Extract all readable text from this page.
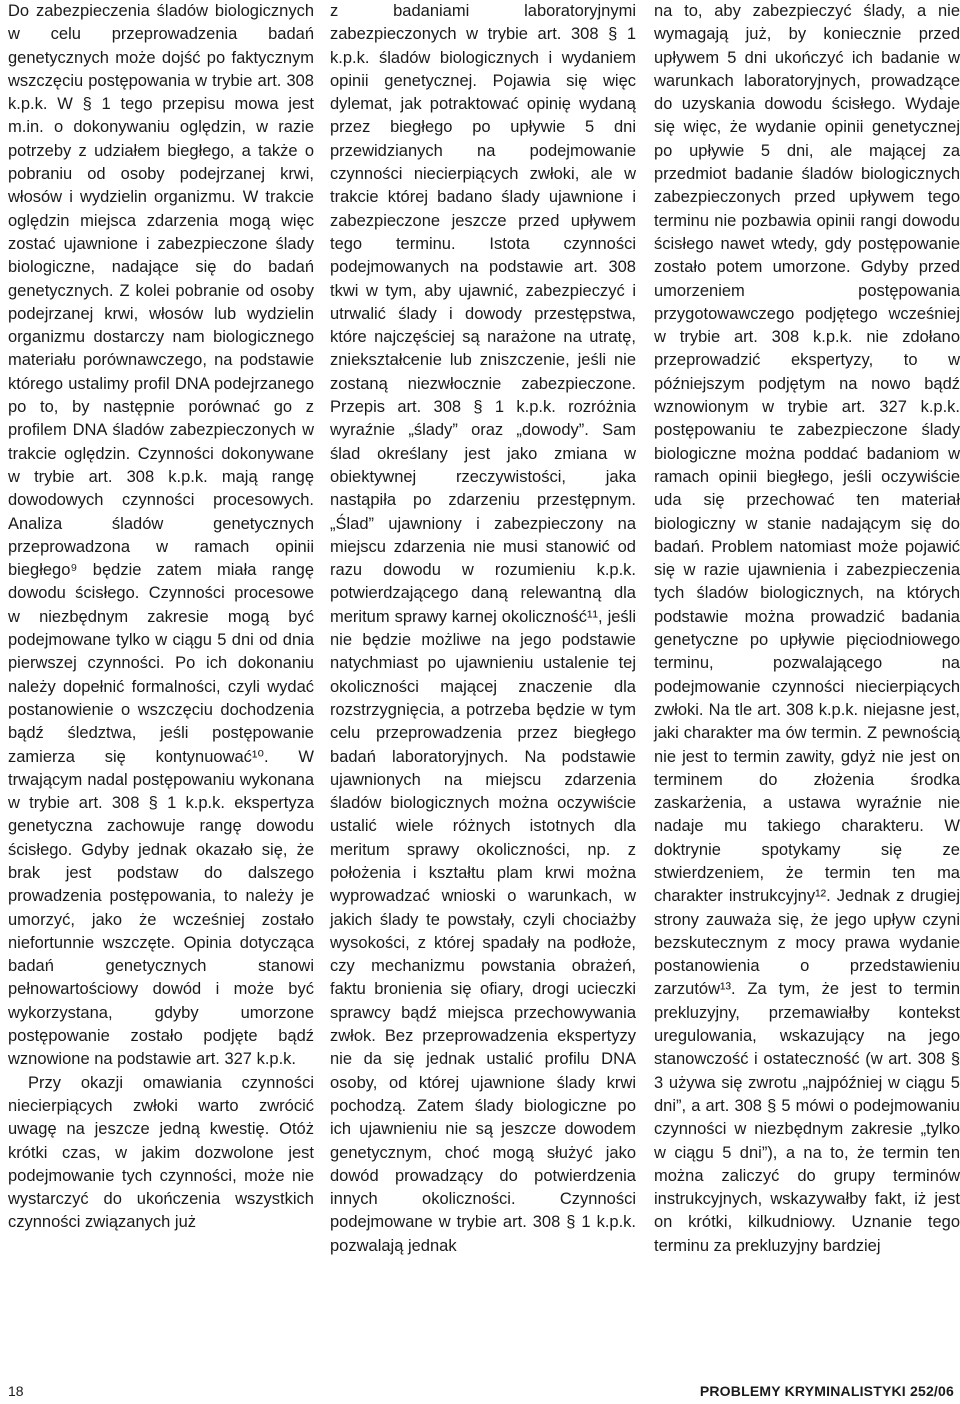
Do zabezpieczenia śladów biologicznych w celu przeprowadzenia badań genetycznych może dojść po faktycznym wszczęciu postępowania w trybie art. 308 k.p.k. W § 1 tego przepisu mowa jest m.in. o dokonywaniu oględzin, w razie potrzeby z udziałem biegłego, a także o pobraniu od osoby podejrzanej krwi, włosów i wydzielin organizmu. W trakcie oględzin miejsca zdarzenia mogą więc zostać ujawnione i zabezpieczone ślady biologiczne, nadające się do badań genetycznych. Z kolei pobranie od osoby podejrzanej krwi, włosów lub wydzielin organizmu dostarczy nam biologicznego materiału porównawczego, na podstawie którego ustalimy profil DNA podejrzanego po to, by następnie porównać go z profilem DNA śladów zabezpieczonych w trakcie oględzin. Czynności dokonywane w trybie art. 308 k.p.k. mają rangę dowodowych czynności procesowych. Analiza śladów genetycznych przeprowadzona w ramach opinii biegłego⁹ będzie zatem miała rangę dowodu ścisłego. Czynności procesowe w niezbędnym zakresie mogą być podejmowane tylko w ciągu 5 dni od dnia pierwszej czynności. Po ich dokonaniu należy dopełnić formalności, czyli wydać postanowienie o wszczęciu dochodzenia bądź śledztwa, jeśli postępowanie zamierza się kontynuować¹⁰. W trwającym nadal postępowaniu wykonana w trybie art. 308 § 1 k.p.k. ekspertyza genetyczna zachowuje rangę dowodu ścisłego. Gdyby jednak okazało się, że brak jest podstaw do dalszego prowadzenia postępowania, to należy je umorzyć, jako że wcześniej zostało niefortunnie wszczęte. Opinia dotycząca badań genetycznych stanowi pełnowartościowy dowód i może być wykorzystana, gdyby umorzone postępowanie zostało podjęte bądź wznowione na podstawie art. 327 k.p.k.

Przy okazji omawiania czynności niecierpiących zwłoki warto zwrócić uwagę na jeszcze jedną kwestię. Otóż krótki czas, w jakim dozwolone jest podejmowanie tych czynności, może nie wystarczyć do ukończenia wszystkich czynności związanych już

z badaniami laboratoryjnymi zabezpieczonych w trybie art. 308 § 1 k.p.k. śladów biologicznych i wydaniem opinii genetycznej. Pojawia się więc dylemat, jak potraktować opinię wydaną przez biegłego po upływie 5 dni przewidzianych na podejmowanie czynności niecierpiących zwłoki, ale w trakcie której badano ślady ujawnione i zabezpieczone jeszcze przed upływem tego terminu. Istota czynności podejmowanych na podstawie art. 308 tkwi w tym, aby ujawnić, zabezpieczyć i utrwalić ślady i dowody przestępstwa, które najczęściej są narażone na utratę, zniekształcenie lub zniszczenie, jeśli nie zostaną niezwłocznie zabezpieczone. Przepis art. 308 § 1 k.p.k. rozróżnia wyraźnie „ślady” oraz „dowody”. Sam ślad określany jest jako zmiana w obiektywnej rzeczywistości, jaka nastąpiła po zdarzeniu przestępnym. „Ślad” ujawniony i zabezpieczony na miejscu zdarzenia nie musi stanowić od razu dowodu w rozumieniu k.p.k. potwierdzającego daną relewantną dla meritum sprawy karnej okoliczność¹¹, jeśli nie będzie możliwe na jego podstawie natychmiast po ujawnieniu ustalenie tej okoliczności mającej znaczenie dla rozstrzygnięcia, a potrzeba będzie w tym celu przeprowadzenia przez biegłego badań laboratoryjnych. Na podstawie ujawnionych na miejscu zdarzenia śladów biologicznych można oczywiście ustalić wiele różnych istotnych dla meritum sprawy okoliczności, np. z położenia i kształtu plam krwi można wyprowadzać wnioski o warunkach, w jakich ślady te powstały, czyli chociażby wysokości, z której spadały na podłoże, czy mechanizmu powstania obrażeń, faktu bronienia się ofiary, drogi ucieczki sprawcy bądź miejsca przechowywania zwłok. Bez przeprowadzenia ekspertyzy nie da się jednak ustalić profilu DNA osoby, od której ujawnione ślady krwi pochodzą. Zatem ślady biologiczne po ich ujawnieniu nie są jeszcze dowodem genetycznym, choć mogą służyć jako dowód prowadzący do potwierdzenia innych okoliczności. Czynności podejmowane w trybie art. 308 § 1 k.p.k. pozwalają jednak

na to, aby zabezpieczyć ślady, a nie wymagają już, by koniecznie przed upływem 5 dni ukończyć ich badanie w warunkach laboratoryjnych, prowadzące do uzyskania dowodu ścisłego. Wydaje się więc, że wydanie opinii genetycznej po upływie 5 dni, ale mającej za przedmiot badanie śladów biologicznych zabezpieczonych przed upływem tego terminu nie pozbawia opinii rangi dowodu ścisłego nawet wtedy, gdy postępowanie zostało potem umorzone. Gdyby przed umorzeniem postępowania przygotowawczego podjętego wcześniej w trybie art. 308 k.p.k. nie zdołano przeprowadzić ekspertyzy, to w późniejszym podjętym na nowo bądź wznowionym w trybie art. 327 k.p.k. postępowaniu te zabezpieczone ślady biologiczne można poddać badaniom w ramach opinii biegłego, jeśli oczywiście uda się przechować ten materiał biologiczny w stanie nadającym się do badań. Problem natomiast może pojawić się w razie ujawnienia i zabezpieczenia tych śladów biologicznych, na których podstawie można prowadzić badania genetyczne po upływie pięciodniowego terminu, pozwalającego na podejmowanie czynności niecierpiących zwłoki. Na tle art. 308 k.p.k. niejasne jest, jaki charakter ma ów termin. Z pewnością nie jest to termin zawity, gdyż nie jest on terminem do złożenia środka zaskarżenia, a ustawa wyraźnie nie nadaje mu takiego charakteru. W doktrynie spotykamy się ze stwierdzeniem, że termin ten ma charakter instrukcyjny¹². Jednak z drugiej strony zauważa się, że jego upływ czyni bezskutecznym z mocy prawa wydanie postanowienia o przedstawieniu zarzutów¹³. Za tym, że jest to termin prekluzyjny, przemawiałby kontekst uregulowania, wskazujący na jego stanowczość i ostateczność (w art. 308 § 3 używa się zwrotu „najpóźniej w ciągu 5 dni”, a art. 308 § 5 mówi o podejmowaniu czynności w niezbędnym zakresie „tylko w ciągu 5 dni”), a na to, że termin ten można zaliczyć do grupy terminów instrukcyjnych, wskazywałby fakt, iż jest on krótki, kilkudniowy. Uznanie tego terminu za prekluzyjny bardziej

18	PROBLEMY KRYMINALISTYKI 252/06
